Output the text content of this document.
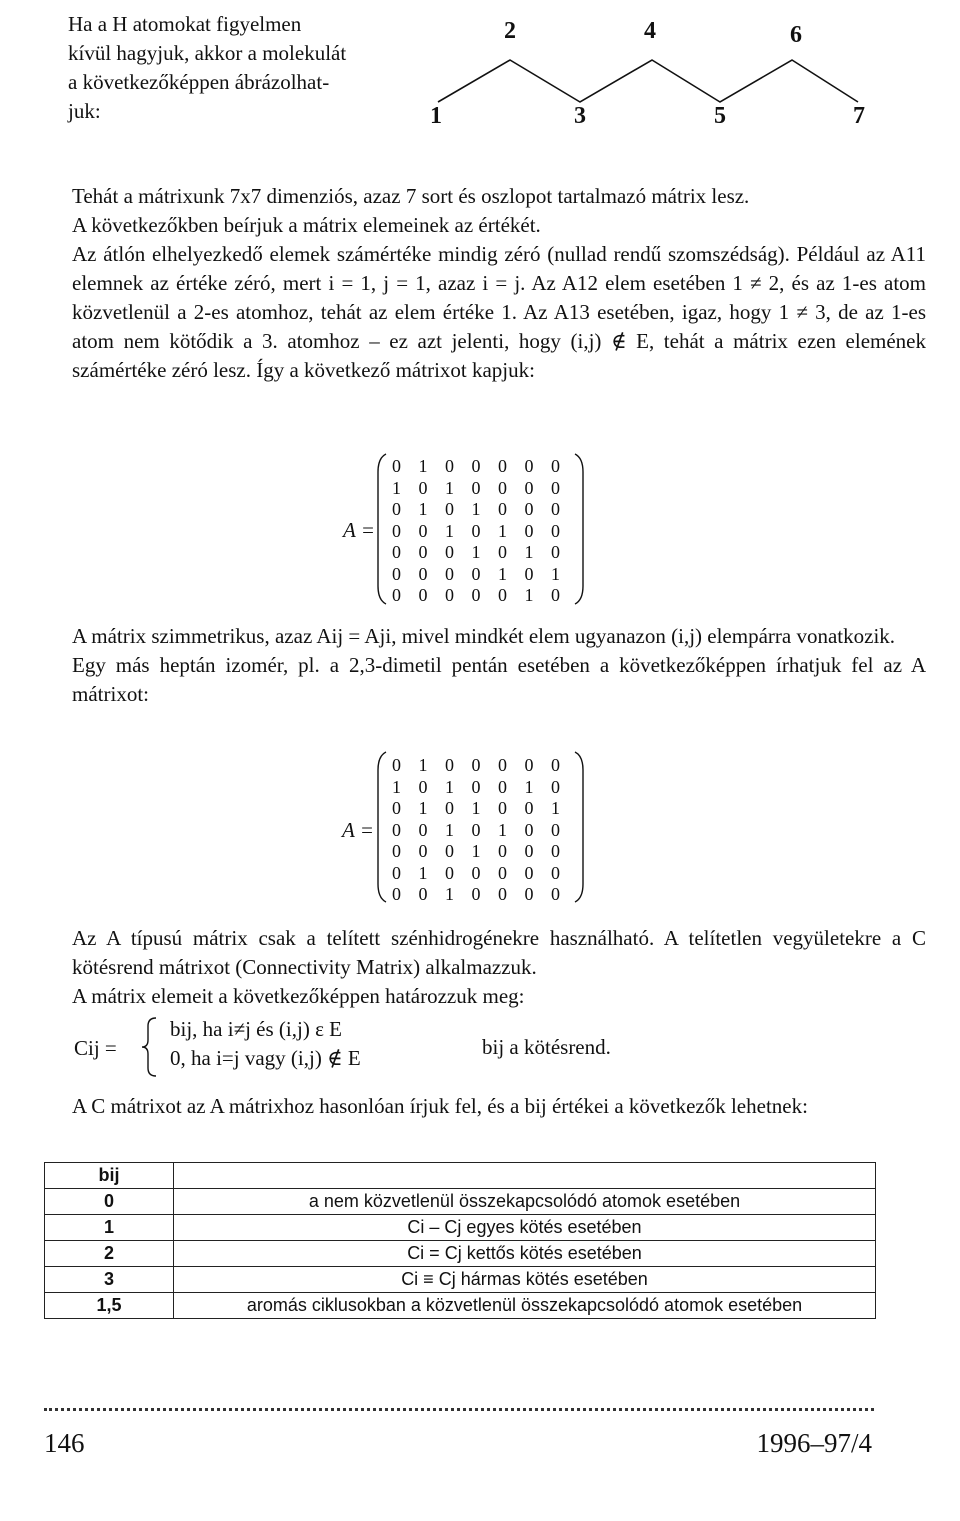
Ha a H atomokat figyelmen
kívül hagyjuk, akkor a molekulát
a következőképpen ábrázolhat-
juk:
2	4	6
1	3	5	7

Tehát a mátrixunk 7x7 dimenziós, azaz 7 sort és oszlopot tartalmazó mátrix lesz.

A következőkben beírjuk a mátrix elemeinek az értékét.

Az átlón elhelyezkedő elemek számértéke mindig zéró (nullad rendű szomszédság). Például az A11 elemnek az értéke zéró, mert i = 1, j = 1, azaz i = j. Az A12 elem esetében 1 ≠ 2, és az 1-es atom közvetlenül a 2-es atomhoz, tehát az elem értéke 1. Az A13 esetében, igaz, hogy 1 ≠ 3, de az 1-es atom nem kötődik a 3. atomhoz – ez azt jelenti, hogy (i,j) ∉ E, tehát a mátrix ezen elemének számértéke zéró lesz. Így a következő mátrixot kapjuk:

A =
0 1 0 0 0 0 0
1 0 1 0 0 0 0
0 1 0 1 0 0 0
0 0 1 0 1 0 0
0 0 0 1 0 1 0
0 0 0 0 1 0 1
0 0 0 0 0 1 0

A mátrix szimmetrikus, azaz Aij = Aji, mivel mindkét elem ugyanazon (i,j) elempárra vonatkozik.

Egy más heptán izomér, pl. a 2,3-dimetil pentán esetében a következőképpen írhatjuk fel az A mátrixot:

A =
0 1 0 0 0 0 0
1 0 1 0 0 1 0
0 1 0 1 0 0 1
0 0 1 0 1 0 0
0 0 0 1 0 0 0
0 1 0 0 0 0 0
0 0 1 0 0 0 0

Az A típusú mátrix csak a telített szénhidrogénekre használható. A telítetlen vegyületekre a C kötésrend mátrixot (Connectivity Matrix) alkalmazzuk.

A mátrix elemeit a következőképpen határozzuk meg:

Cij =
bij, ha i≠j és (i,j) ε E
0, ha i=j vagy (i,j) ∉ E	bij a kötésrend.

A C mátrixot az A mátrixhoz hasonlóan írjuk fel, és a bij értékei a következők lehetnek:

bij	
0	a nem közvetlenül összekapcsolódó atomok esetében
1	Ci – Cj egyes kötés esetében
2	Ci = Cj kettős kötés esetében
3	Ci ≡ Cj hármas kötés esetében
1,5	aromás ciklusokban a közvetlenül összekapcsolódó atomok esetében
146	1996–97/4
